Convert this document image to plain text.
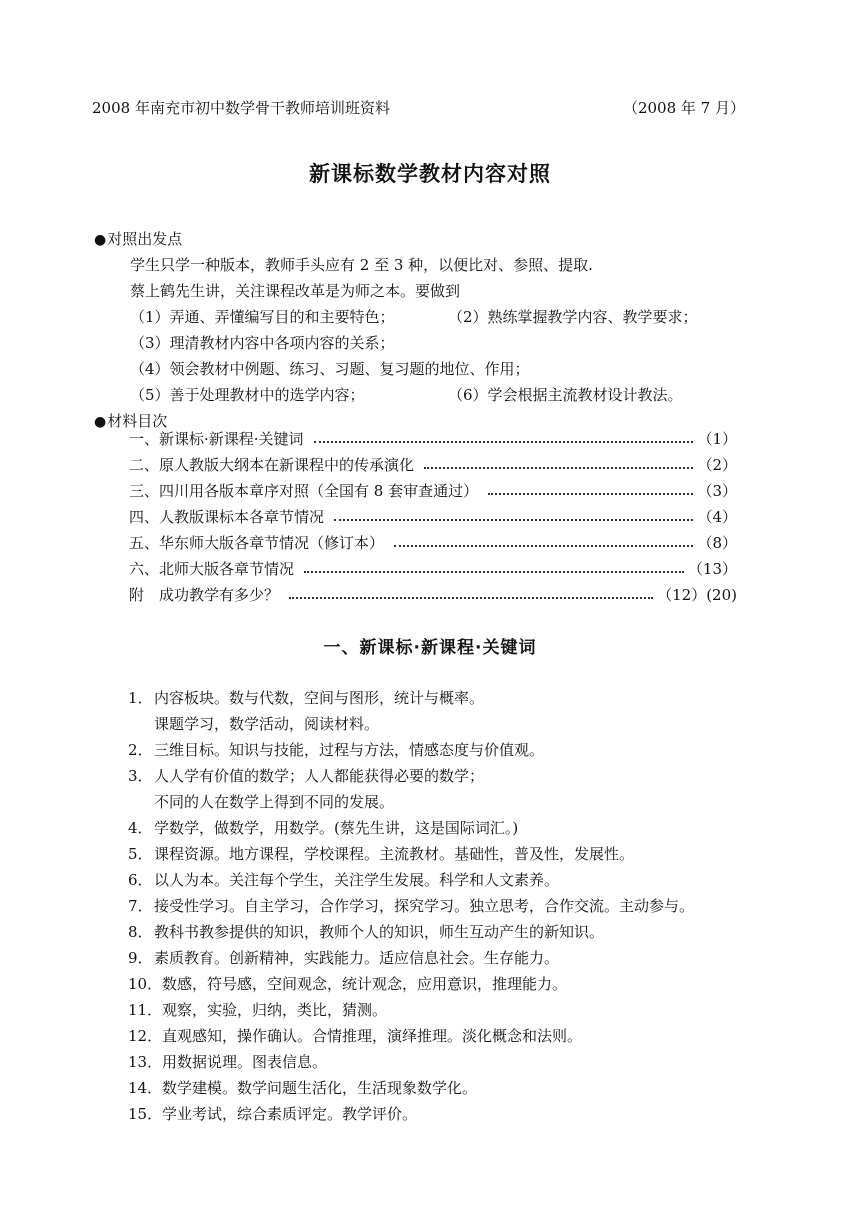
2008 年南充市初中数学骨干教师培训班资料	（2008 年 7 月）
新课标数学教材内容对照
●对照出发点
学生只学一种版本，教师手头应有 2 至 3 种，以便比对、参照、提取.
蔡上鹤先生讲，关注课程改革是为师之本。要做到
（1）弄通、弄懂编写目的和主要特色；	（2）熟练掌握教学内容、教学要求；
（3）理清教材内容中各项内容的关系；
（4）领会教材中例题、练习、习题、复习题的地位、作用；
（5）善于处理教材中的选学内容；	（6）学会根据主流教材设计教法。
●材料目次
一、新课标·新课程·关键词	（1）
二、原人教版大纲本在新课程中的传承演化	（2）
三、四川用各版本章序对照（全国有 8 套审查通过）	（3）
四、人教版课标本各章节情况	（4）
五、华东师大版各章节情况（修订本）	（8）
六、北师大版各章节情况	（13）
附　成功教学有多少？	（12）(20)
一、新课标·新课程·关键词
1． 内容板块。数与代数，空间与图形，统计与概率。
课题学习，数学活动，阅读材料。
2． 三维目标。知识与技能，过程与方法，情感态度与价值观。
3． 人人学有价值的数学；人人都能获得必要的数学；
不同的人在数学上得到不同的发展。
4． 学数学，做数学，用数学。(蔡先生讲，这是国际词汇。)
5． 课程资源。地方课程，学校课程。主流教材。基础性，普及性，发展性。
6． 以人为本。关注每个学生，关注学生发展。科学和人文素养。
7． 接受性学习。自主学习，合作学习，探究学习。独立思考，合作交流。主动参与。
8． 教科书教参提供的知识，教师个人的知识，师生互动产生的新知识。
9． 素质教育。创新精神，实践能力。适应信息社会。生存能力。
10． 数感，符号感，空间观念，统计观念，应用意识，推理能力。
11． 观察，实验，归纳，类比，猜测。
12． 直观感知，操作确认。合情推理，演绎推理。淡化概念和法则。
13． 用数据说理。图表信息。
14． 数学建模。数学问题生活化，生活现象数学化。
15． 学业考试，综合素质评定。教学评价。
